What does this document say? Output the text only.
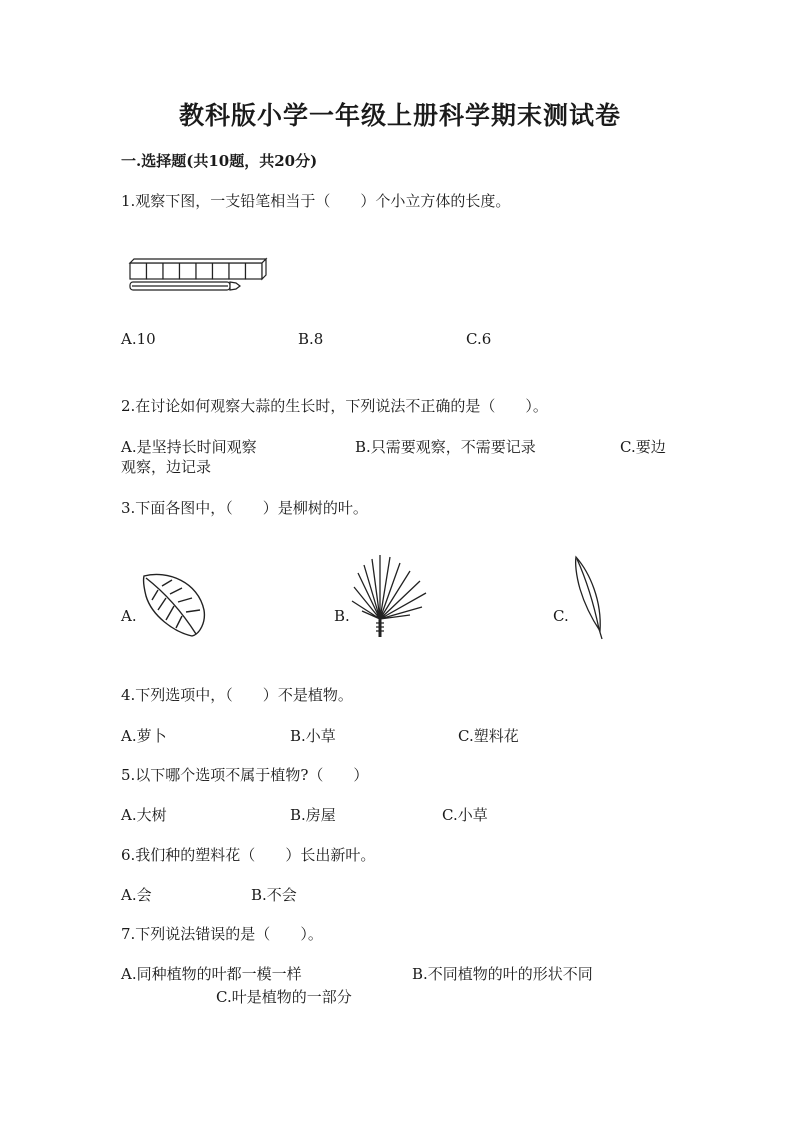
教科版小学一年级上册科学期末测试卷
一.选择题(共10题，共20分)
1.观察下图，一支铅笔相当于（　　）个小立方体的长度。
A.10	B.8	C.6
2.在讨论如何观察大蒜的生长时，下列说法不正确的是（　　）。
A.是坚持长时间观察	B.只需要观察，不需要记录	C.要边
观察，边记录
3.下面各图中，（　　）是柳树的叶。
A.	B.	C.
4.下列选项中，（　　）不是植物。
A.萝卜	B.小草	C.塑料花
5.以下哪个选项不属于植物?（　　）
A.大树	B.房屋	C.小草
6.我们种的塑料花（　　）长出新叶。
A.会	B.不会
7.下列说法错误的是（　　）。
A.同种植物的叶都一模一样	B.不同植物的叶的形状不同
C.叶是植物的一部分
